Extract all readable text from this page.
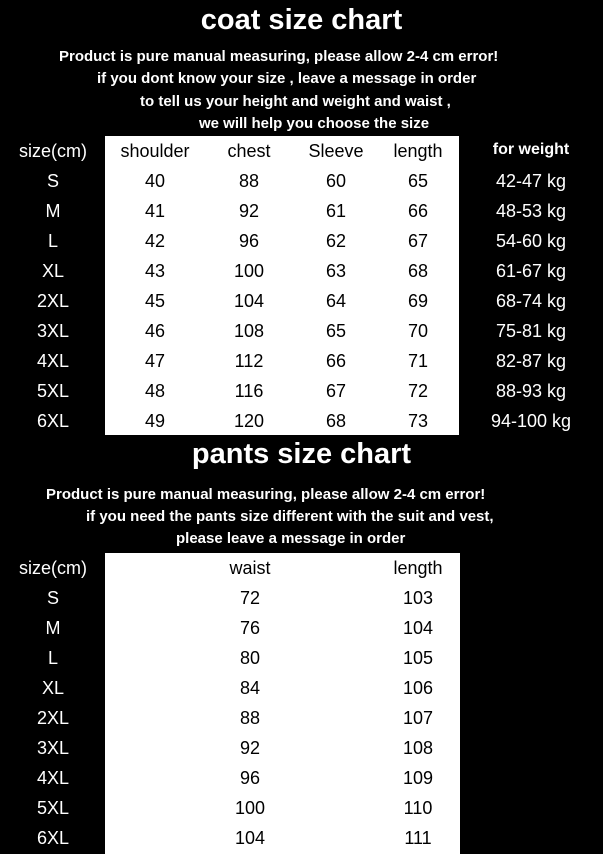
coat size chart
Product is pure manual measuring, please allow 2-4 cm error!
if you dont know your size , leave a message in order
to tell us your height and weight and waist ,
we will help you choose the size
size(cm)	shoulder	chest	Sleeve	length	for weight
S	40	88	60	65	42-47 kg
M	41	92	61	66	48-53 kg
L	42	96	62	67	54-60 kg
XL	43	100	63	68	61-67 kg
2XL	45	104	64	69	68-74 kg
3XL	46	108	65	70	75-81 kg
4XL	47	112	66	71	82-87 kg
5XL	48	116	67	72	88-93 kg
6XL	49	120	68	73	94-100 kg
pants size chart
Product is pure manual measuring, please allow 2-4 cm error!
if you need the pants size different with the suit and vest,
please leave a message in order
size(cm)	waist	length
S	72	103
M	76	104
L	80	105
XL	84	106
2XL	88	107
3XL	92	108
4XL	96	109
5XL	100	110
6XL	104	111
